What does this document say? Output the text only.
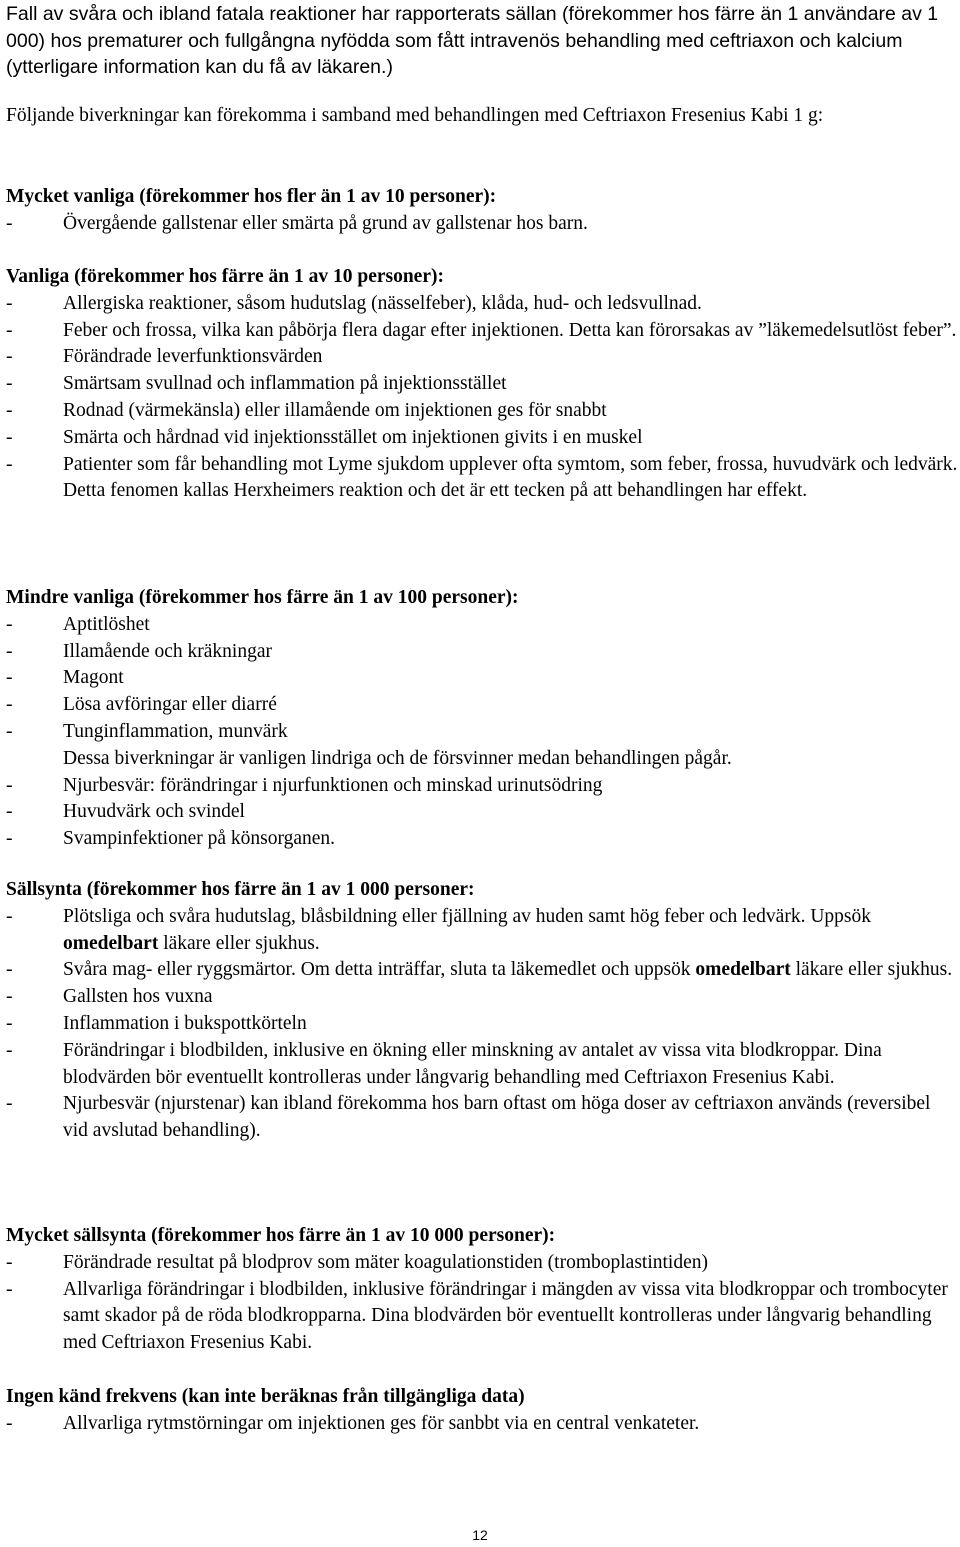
Fall av svåra och ibland fatala reaktioner har rapporterats sällan (förekommer hos färre än 1 användare av 1 000) hos prematurer och fullgångna nyfödda som fått intravenös behandling med ceftriaxon och kalcium (ytterligare information kan du få av läkaren.)

Följande biverkningar kan förekomma i samband med behandlingen med Ceftriaxon Fresenius Kabi 1 g:

Mycket vanliga (förekommer hos fler än 1 av 10 personer):

-	Övergående gallstenar eller smärta på grund av gallstenar hos barn.

Vanliga (förekommer hos färre än 1 av 10 personer):

-	Allergiska reaktioner, såsom hudutslag (nässelfeber), klåda, hud- och ledsvullnad.
-	Feber och frossa, vilka kan påbörja flera dagar efter injektionen. Detta kan förorsakas av ”läkemedelsutlöst feber”.
-	Förändrade leverfunktionsvärden
-	Smärtsam svullnad och inflammation på injektionsstället
-	Rodnad (värmekänsla) eller illamående om injektionen ges för snabbt
-	Smärta och hårdnad vid injektionsstället om injektionen givits i en muskel
-	Patienter som får behandling mot Lyme sjukdom upplever ofta symtom, som feber, frossa, huvudvärk och ledvärk. Detta fenomen kallas Herxheimers reaktion och det är ett tecken på att behandlingen har effekt.

Mindre vanliga (förekommer hos färre än 1 av 100 personer):

-	Aptitlöshet
-	Illamående och kräkningar
-	Magont
-	Lösa avföringar eller diarré
-	Tunginflammation, munvärk

Dessa biverkningar är vanligen lindriga och de försvinner medan behandlingen pågår.

-	Njurbesvär: förändringar i njurfunktionen och minskad urinutsödring
-	Huvudvärk och svindel
-	Svampinfektioner på könsorganen.

Sällsynta (förekommer hos färre än 1 av 1 000 personer:

-	Plötsliga och svåra hudutslag, blåsbildning eller fjällning av huden samt hög feber och ledvärk. Uppsök omedelbart läkare eller sjukhus.
-	Svåra mag- eller ryggsmärtor. Om detta inträffar, sluta ta läkemedlet och uppsök omedelbart läkare eller sjukhus.
-	Gallsten hos vuxna
-	Inflammation i bukspottkörteln
-	Förändringar i blodbilden, inklusive en ökning eller minskning av antalet av vissa vita blodkroppar. Dina blodvärden bör eventuellt kontrolleras under långvarig behandling med Ceftriaxon Fresenius Kabi.
-	Njurbesvär (njurstenar) kan ibland förekomma hos barn oftast om höga doser av ceftriaxon används (reversibel vid avslutad behandling).

Mycket sällsynta (förekommer hos färre än 1 av 10 000 personer):

-	Förändrade resultat på blodprov som mäter koagulationstiden (tromboplastintiden)
-	Allvarliga förändringar i blodbilden, inklusive förändringar i mängden av vissa vita blodkroppar och trombocyter samt skador på de röda blodkropparna. Dina blodvärden bör eventuellt kontrolleras under långvarig behandling med Ceftriaxon Fresenius Kabi.

Ingen känd frekvens (kan inte beräknas från tillgängliga data)

-	Allvarliga rytmstörningar om injektionen ges för sanbbt via en central venkateter.
12
